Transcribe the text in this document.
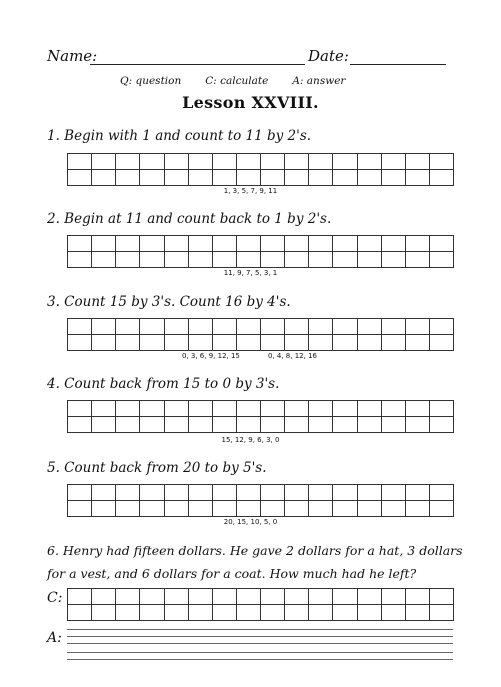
Name:	Date:
Q: question C: calculate A: answer
Lesson XXVIII.
1. Begin with 1 and count to 11 by 2's.
1, 3, 5, 7, 9, 11
2. Begin at 11 and count back to 1 by 2's.
11, 9, 7, 5, 3, 1
3. Count 15 by 3's. Count 16 by 4's.
0, 3, 6, 9, 12, 15	0, 4, 8, 12, 16
4. Count back from 15 to 0 by 3's.
15, 12, 9, 6, 3, 0
5. Count back from 20 to by 5's.
20, 15, 10, 5, 0
6. Henry had fifteen dollars. He gave 2 dollars for a hat, 3 dollars
for a vest, and 6 dollars for a coat. How much had he left?
C:
A:
